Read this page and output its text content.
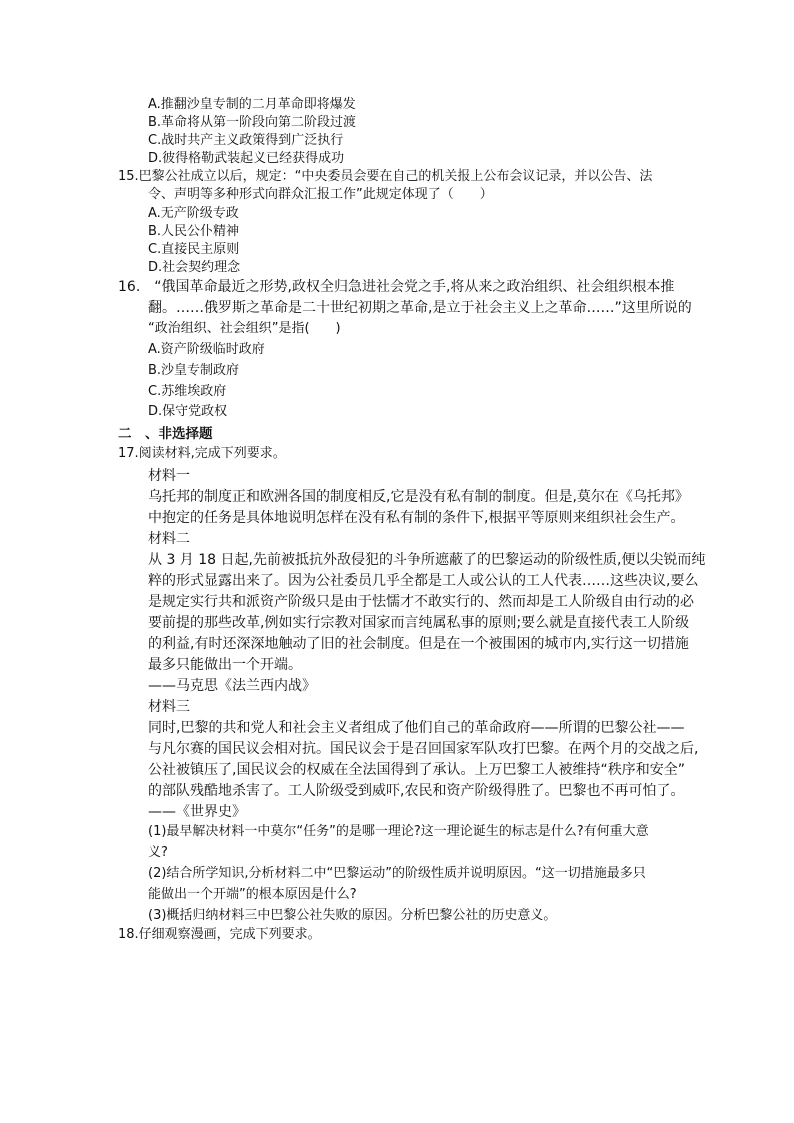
A.推翻沙皇专制的二月革命即将爆发
B.革命将从第一阶段向第二阶段过渡
C.战时共产主义政策得到广泛执行
D.彼得格勒武装起义已经获得成功
15.巴黎公社成立以后，规定：“中央委员会要在自己的机关报上公布会议记录，并以公告、法
令、声明等多种形式向群众汇报工作”此规定体现了（　　）
A.无产阶级专政
B.人民公仆精神
C.直接民主原则
D.社会契约理念
16.　“俄国革命最近之形势,政权全归急进社会党之手,将从来之政治组织、社会组织根本推
翻。……俄罗斯之革命是二十世纪初期之革命,是立于社会主义上之革命……”这里所说的
“政治组织、社会组织”是指(　　)
A.资产阶级临时政府
B.沙皇专制政府
C.苏维埃政府
D.保守党政权
二　、非选择题
17.阅读材料,完成下列要求。
材料一
乌托邦的制度正和欧洲各国的制度相反,它是没有私有制的制度。但是,莫尔在《乌托邦》
中抱定的任务是具体地说明怎样在没有私有制的条件下,根据平等原则来组织社会生产。
材料二
从 3 月 18 日起,先前被抵抗外敌侵犯的斗争所遮蔽了的巴黎运动的阶级性质,便以尖锐而纯
粹的形式显露出来了。因为公社委员几乎全都是工人或公认的工人代表……这些决议,要么
是规定实行共和派资产阶级只是由于怯懦才不敢实行的、然而却是工人阶级自由行动的必
要前提的那些改革,例如实行宗教对国家而言纯属私事的原则;要么就是直接代表工人阶级
的利益,有时还深深地触动了旧的社会制度。但是在一个被围困的城市内,实行这一切措施
最多只能做出一个开端。
——马克思《法兰西内战》
材料三
同时,巴黎的共和党人和社会主义者组成了他们自己的革命政府——所谓的巴黎公社——
与凡尔赛的国民议会相对抗。国民议会于是召回国家军队攻打巴黎。在两个月的交战之后,
公社被镇压了,国民议会的权威在全法国得到了承认。上万巴黎工人被维持“秩序和安全”
的部队残酷地杀害了。工人阶级受到威吓,农民和资产阶级得胜了。巴黎也不再可怕了。
——《世界史》
(1)最早解决材料一中莫尔“任务”的是哪一理论?这一理论诞生的标志是什么?有何重大意
义?
(2)结合所学知识,分析材料二中“巴黎运动”的阶级性质并说明原因。“这一切措施最多只
能做出一个开端”的根本原因是什么?
(3)概括归纳材料三中巴黎公社失败的原因。分析巴黎公社的历史意义。
18.仔细观察漫画，完成下列要求。
